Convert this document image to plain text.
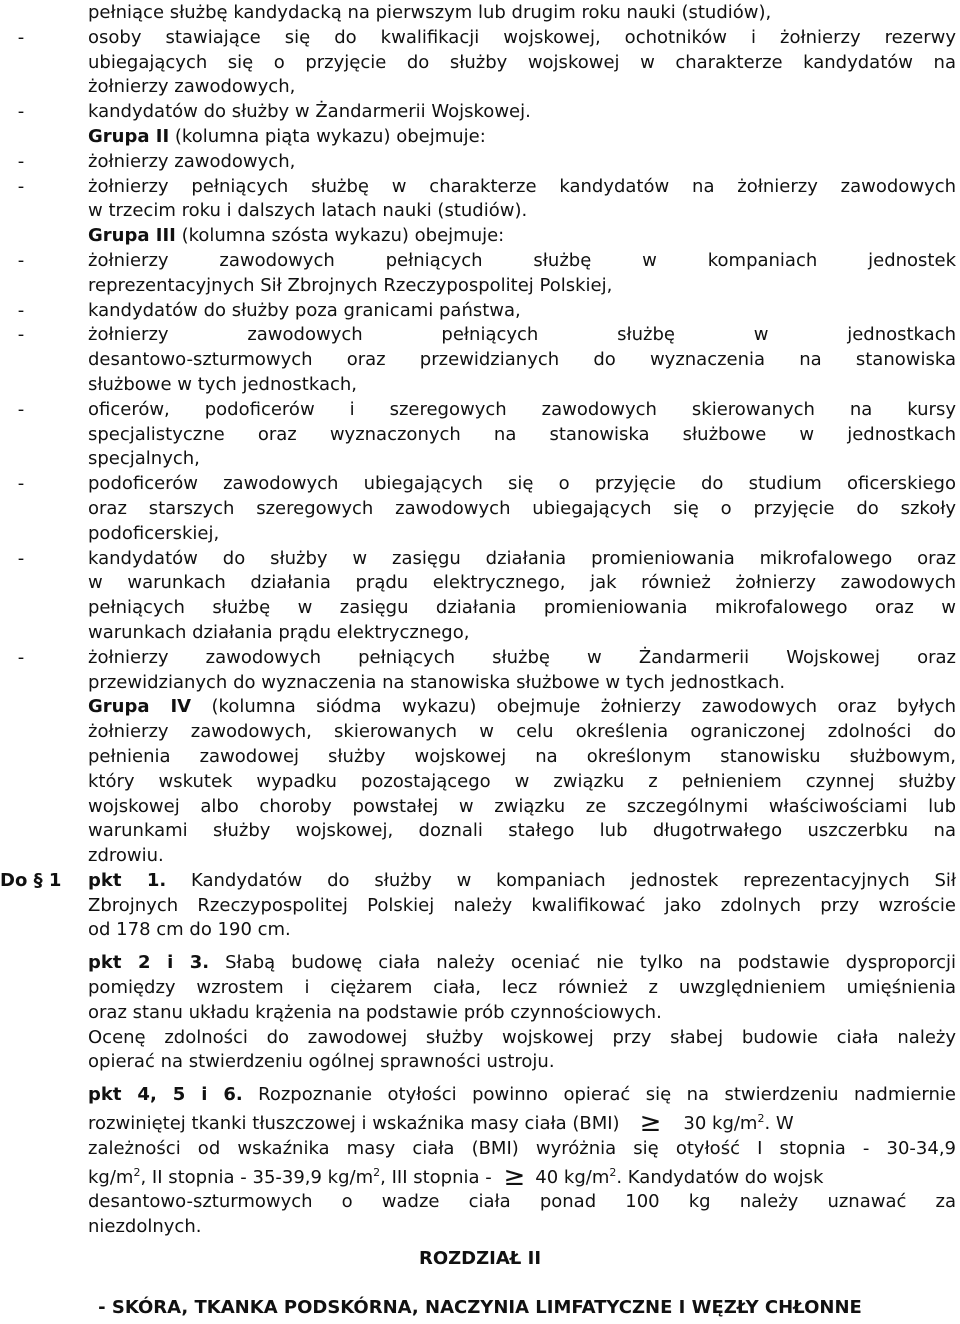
pełniące służbę kandydacką na pierwszym lub drugim roku nauki (studiów),
-	osoby stawiające się do kwalifikacji wojskowej, ochotników i żołnierzy rezerwy
ubiegających się o przyjęcie do służby wojskowej w charakterze kandydatów na
żołnierzy zawodowych,
-	kandydatów do służby w Żandarmerii Wojskowej.
Grupa II (kolumna piąta wykazu) obejmuje:
-	żołnierzy zawodowych,
-	żołnierzy pełniących służbę w charakterze kandydatów na żołnierzy zawodowych
w trzecim roku i dalszych latach nauki (studiów).
Grupa III (kolumna szósta wykazu) obejmuje:
-	żołnierzy zawodowych pełniących służbę w kompaniach jednostek
reprezentacyjnych Sił Zbrojnych Rzeczypospolitej Polskiej,
-	kandydatów do służby poza granicami państwa,
-	żołnierzy zawodowych pełniących służbę w jednostkach
desantowo-szturmowych oraz przewidzianych do wyznaczenia na stanowiska
służbowe w tych jednostkach,
-	oficerów, podoficerów i szeregowych zawodowych skierowanych na kursy
specjalistyczne oraz wyznaczonych na stanowiska służbowe w jednostkach
specjalnych,
-	podoficerów zawodowych ubiegających się o przyjęcie do studium oficerskiego
oraz starszych szeregowych zawodowych ubiegających się o przyjęcie do szkoły
podoficerskiej,
-	kandydatów do służby w zasięgu działania promieniowania mikrofalowego oraz
w warunkach działania prądu elektrycznego, jak również żołnierzy zawodowych
pełniących służbę w zasięgu działania promieniowania mikrofalowego oraz w
warunkach działania prądu elektrycznego,
-	żołnierzy zawodowych pełniących służbę w Żandarmerii Wojskowej oraz
przewidzianych do wyznaczenia na stanowiska służbowe w tych jednostkach.
Grupa IV (kolumna siódma wykazu) obejmuje żołnierzy zawodowych oraz byłych
żołnierzy zawodowych, skierowanych w celu określenia ograniczonej zdolności do
pełnienia zawodowej służby wojskowej na określonym stanowisku służbowym,
który wskutek wypadku pozostającego w związku z pełnieniem czynnej służby
wojskowej albo choroby powstałej w związku ze szczególnymi właściwościami lub
warunkami służby wojskowej, doznali stałego lub długotrwałego uszczerbku na
zdrowiu.
Do § 1 pkt 1. Kandydatów do służby w kompaniach jednostek reprezentacyjnych Sił
Zbrojnych Rzeczypospolitej Polskiej należy kwalifikować jako zdolnych przy wzroście
od 178 cm do 190 cm.
pkt 2 i 3. Słabą budowę ciała należy oceniać nie tylko na podstawie dysproporcji
pomiędzy wzrostem i ciężarem ciała, lecz również z uwzględnieniem umięśnienia
oraz stanu układu krążenia na podstawie prób czynnościowych.
Ocenę zdolności do zawodowej służby wojskowej przy słabej budowie ciała należy
opierać na stwierdzeniu ogólnej sprawności ustroju.
pkt 4, 5 i 6. Rozpoznanie otyłości powinno opierać się na stwierdzeniu nadmiernie
rozwiniętej tkanki tłuszczowej i wskaźnika masy ciała (BMI) ≥ 30 $kg/m^2$. W
zależności od wskaźnika masy ciała (BMI) wyróżnia się otyłość I stopnia - 30-34,9
$kg/m^2$, II stopnia - 35-39,9 $kg/m^2$, III stopnia - ≥ 40 $kg/m^2$. Kandydatów do wojsk
desantowo-szturmowych o wadze ciała ponad 100 kg należy uznawać za
niezdolnych.
ROZDZIAŁ II
- SKÓRA, TKANKA PODSKÓRNA, NACZYNIA LIMFATYCZNE I WĘZŁY CHŁONNE
